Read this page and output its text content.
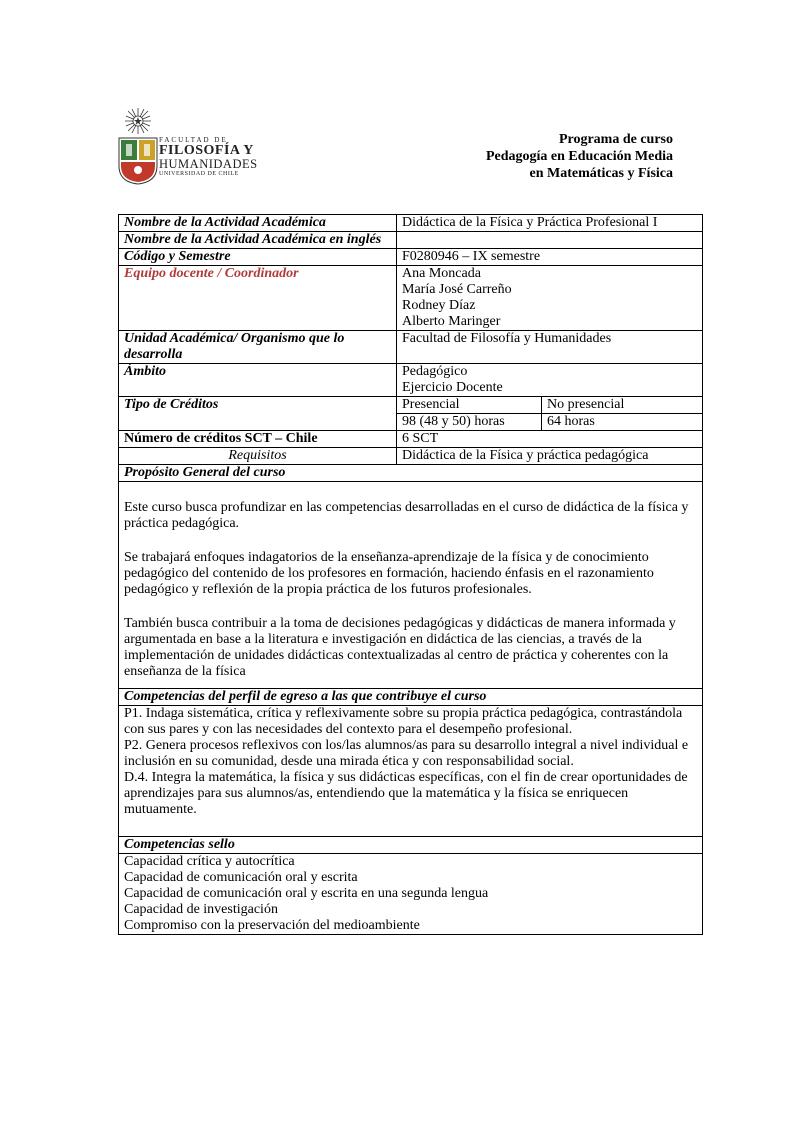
FACULTAD DE
FILOSOFÍA Y
HUMANIDADES
UNIVERSIDAD DE CHILE
Programa de curso
Pedagogía en Educación Media
en Matemáticas y Física
Nombre de la Actividad Académica	Didáctica de la Física y Práctica Profesional I	
Nombre de la Actividad Académica en inglés		
Código y Semestre	F0280946 – IX semestre	
Equipo docente / Coordinador	Ana Moncada
María José Carreño
Rodney Díaz
Alberto Maringer	

Unidad Académica/ Organismo que lo desarrolla	Facultad de Filosofía y Humanidades	
Ámbito	Pedagógico
Ejercicio Docente	

Tipo de Créditos	Presencial	No presencial
	98 (48 y 50) horas	64 horas
Número de créditos SCT – Chile	6 SCT	
Requisitos	Didáctica de la Física y práctica pedagógica	
Propósito General del curso		

Este curso busca profundizar en las competencias desarrolladas en el curso de didáctica de la física y práctica pedagógica.

Se trabajará enfoques indagatorios de la enseñanza-aprendizaje de la física y de conocimiento pedagógico del contenido de los profesores en formación, haciendo énfasis en el razonamiento pedagógico y reflexión de la propia práctica de los futuros profesionales.

También busca contribuir a la toma de decisiones pedagógicas y didácticas de manera informada y argumentada en base a la literatura e investigación en didáctica de las ciencias, a través de la implementación de unidades didácticas contextualizadas al centro de práctica y coherentes con la enseñanza de la física		

Competencias del perfil de egreso a las que contribuye el curso		

P1. Indaga sistemática, crítica y reflexivamente sobre su propia práctica pedagógica, contrastándola con sus pares y con las necesidades del contexto para el desempeño profesional.
P2. Genera procesos reflexivos con los/las alumnos/as para su desarrollo integral a nivel individual e inclusión en su comunidad, desde una mirada ética y con responsabilidad social.
D.4. Integra la matemática, la física y sus didácticas específicas, con el fin de crear oportunidades de aprendizajes para sus alumnos/as, entendiendo que la matemática y la física se enriquecen mutuamente.		

Competencias sello		

Capacidad crítica y autocrítica
Capacidad de comunicación oral y escrita
Capacidad de comunicación oral y escrita en una segunda lengua
Capacidad de investigación
Compromiso con la preservación del medioambiente		
